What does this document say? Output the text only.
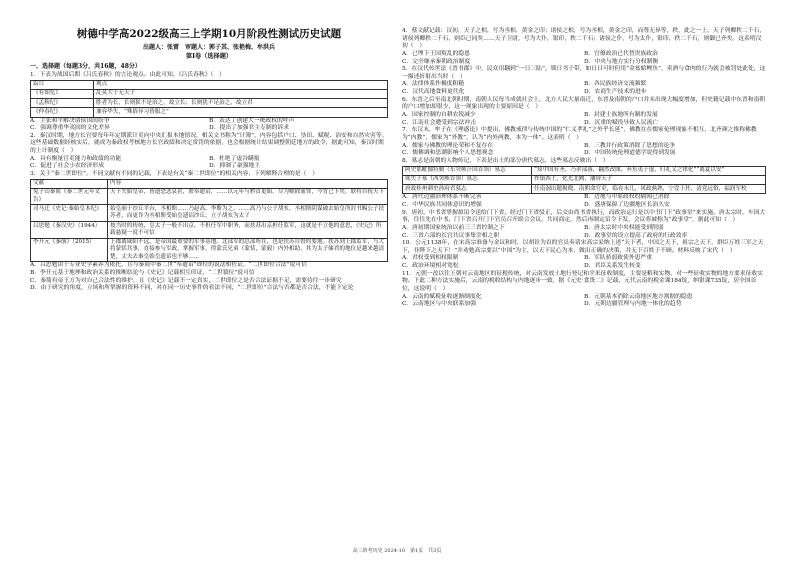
树德中学高2022级高三上学期10月阶段性测试历史试题

出题人：张雷　审题人：郭子其、张艳梅、牟洪兵

第Ⅰ卷（选择题）

一、选择题（每题3分，共16题，48分）

1．下表为战国后期《吕氏春秋》的言论观点。由此可知，《吕氏春秋》（　）

篇目	观点
《有始览》	乱莫大于无天子
《孟秋纪》	胜者为长，长则狱不是治之，故立长；长则犹不足治之，故立君
《仲春纪》	兼容毕失，“殊俗异习皆服之”
A．主张和平解决诸侯国间纷争	B．表达了创建大一统政权的呼声
C．强调尊重华夷间的文化差异	D．提出了加强君主专制的诉求

2．秦汉时期，地方长官要每年年定期派计吏向中央汇报本地情况，相关文书称为“计簿”，内容包括户口、垦田、赋税、治安和自然灾害等。这些基础数据经核实后，就成为秦政权考核地方长官政绩和决定赏罚的依据，也会根据统计结果调整朝廷地方的政令，据此可知，秦汉时期的上计制度（　）

A．具有衡量官吏能力和政绩的功能	B．杜绝了虚谷瞒报
C．促进了社会小农经济形成	D．抑制了豪强地主

3．关于“秦二世即位”，不同文献有不同的记载，下表是有关“秦二世即位”的相关内容，下列解释合理的是（　）

文献	内容
兔子山秦简《秦二世元年文告》	天下失始皇帝，皆遗恐悲哀甚，朕奉遗诏，……以元年与黔首更始，尽为解除流罪，今宵已下矣，联将自抚天下
司马迁《史记·秦始皇本纪》	始皇崩于沙丘平台，丞相斯……乃赵高、李斯为之，……高乃与公子胡亥、丞相斯阴谋破去始皇所封书赐公子扶苏者，而更诈为丞相斯受始皇遗诏沙丘，立子胡亥为太子
吕思勉《秦汉史》（1944）	按当时的传统，皇太子一般不出京，不担任军中职务，而扶苏出京担任监军，这就是不立他的意思，《史记》所载悬疑一说不可信
李开元《秦崩》（2015）	上郡离咸阳不远，是帝国最重要的军事基地。北部军的总部所在，也是扶苏自督的要地。扶苏到上郡监军，与大将蒙恬共事，直接参与军政，掌握军事，得蒙氏兄弟（蒙恬，蒙毅）内外相助，其为太子储君的地位是越来越清楚，丈夫去秦皇始皇遗诏也不够……

A．吕思勉由于专业史学素养为依托，且与秦简中秦二世“奉遗诏”即位的说法相佐证，“二世即位合法”说可信

B．李开元基于地理和政治关系的推断结论与《史记》记载相互印证，“二世篡位”说可信

C．秦简有帝王方为对自己合法性的维护，且《史记》记载不一定真实，二世即位之是否合法证据不足，需要待往一步研究

D．由于研究的角度，立场和所掌握的资料不同，对在同一历史事件的看法不同，“二世即位”合法与否都是否合法，不能下定论

4．蔡文献记载：汉初，天子之相，号为丞相，黄金之印；诸侯之相，号为丞相，黄金之印，而尊无异等，秩，此之一上。天子列卿秩二千石，诸侯列卿秩二千石，则臣已同矣……天子卫尉，号为大仆，银印，秩二千石；诸侯之仆，号为太仆，银印，秩二千石，则御已齐矣。这表明汉初（　）

A．已埋下王国叛乱的隐患	B．官僚政治已代替贵族政治
C．完全继承秦朝政治制度	D．中央与地方实行分权制衡

5．在汉代传世法《晋书郡》中，民众用翻到“一日三陆”，锁日书于带，如日日可时但用“金盆蛤鲤鱼”，卖酒与食肉的行为就会被罚处此处，这一描述折射出当时（　）

A．法律体系作极度粗糙	B．各民族经济交流频繁
C．汉代高地食料更代化	D．农商生产技术的进步

6．东晋之后至南北朝时期，南朝人民每当成就社会上，北方人民大量南迁，东晋及南朝的户口并未出现大幅度增加，但史籍记载中东晋和南朝的户口增加却很少，这一现象出现的主要原因是（　）

A．国家控制的自耕农锐减少	B．封建士族地所有制的发展
C．江南社会遭受到宗法冲击	D．沉重的赋役导致人民流亡

7．东汉末，牟子在《理惑论》中提出，佛教戒律与传统中国的“仁义孝礼”之外乎长延”，佛教在在儒家伦理现象不相互，北齐颜之推称佛教为“内教”，儒家为“外教”，认为“内外两教，本为一体”。这表明（　）

A．儒家与佛教的理论荣和不复存在	B．三教并行政策消除了思想的论争
C．儒佛调和思潮影响个人思想观念	D．中国传统伦理道德学说得到发展

8．墓志是南朝的人物传记，下表是出土的部分唐代墓志，这些墓志反映出（　）

阿史那毗伽特勤（东突厥汗国首领）墓志	“知中国有圣，乃率部落，翻然改图，弃东夷于虚，归礼义之律化”“离夏以安”
韩失于墓（西突厥首领）墓志	作镇西土，化光北阙，藩屏天子
唐故桂州刺史孙府君墓志	任南洞出题揭晓，南朝命官吏，临存末儿，风政孰熟，宁壹于坯，清党远俗，福润军校
A．唐代边疆治理体系不断完善	B．边地与中原政权的隔阂已消除
C．中华民族共同体意识的增强	D．盛唐保障了边疆地区长治久安

9．唐初，中书省掌握拟诏令送给门下省，经过门下省驳正，后交由尚书省执行，而政治运行是以中书门下“政事堂”来实施。唐太宗时，车国大事，往往先在中书、门下省召开门下官员召开联合会议，共同商定，然后再制定诏令下发，会议将被称为“政事堂”，据此可知（　）

A．唐初期国家统治以前三三省控制之下	B．唐太宗时中央权能受到削弱
C．三省六部的长官共议事集宰相之职	D．政事堂的设立提高了政府的行政效率

10．公元1138年，在宋高宗准备与金议和时，以胡铨为首的官员奏请宋高宗采纳上述“天下者，中国之天下，祖宗之天下，群臣万姓三军之天下，非陛下之天下！”并劝勉高宗要以“中国”为主，以天下民心为本，做出正确的决策，并无下百姓于不顾。材料反映了宋代（　）

A．君权受到相权限制	B．军队骄弱致使外患严重
C．政治环境相对宽松	D．君臣关系发生转变

11．元朝一改以往王朝对云南地区的征税传统，对云南发放土地行登记和平米征收制度，主要是粮和实物，对一些征收实物的地方要求征收实物。下此二种方法实施后，云南的税收结构与内地逐步一致，据《元史·食货二》记载，元代云南的税金课184锭，纳银课735锭，居全国首位，这说明（　）

A．云南的赋税征收逐渐制度化	B．元朝基本消除云南地区地方割据的隐患
C．云南地区与中央联系加强	D．元朝边疆管理与内地一体化的趋势
高三阶考历史 2024-10　第1页　共3页
